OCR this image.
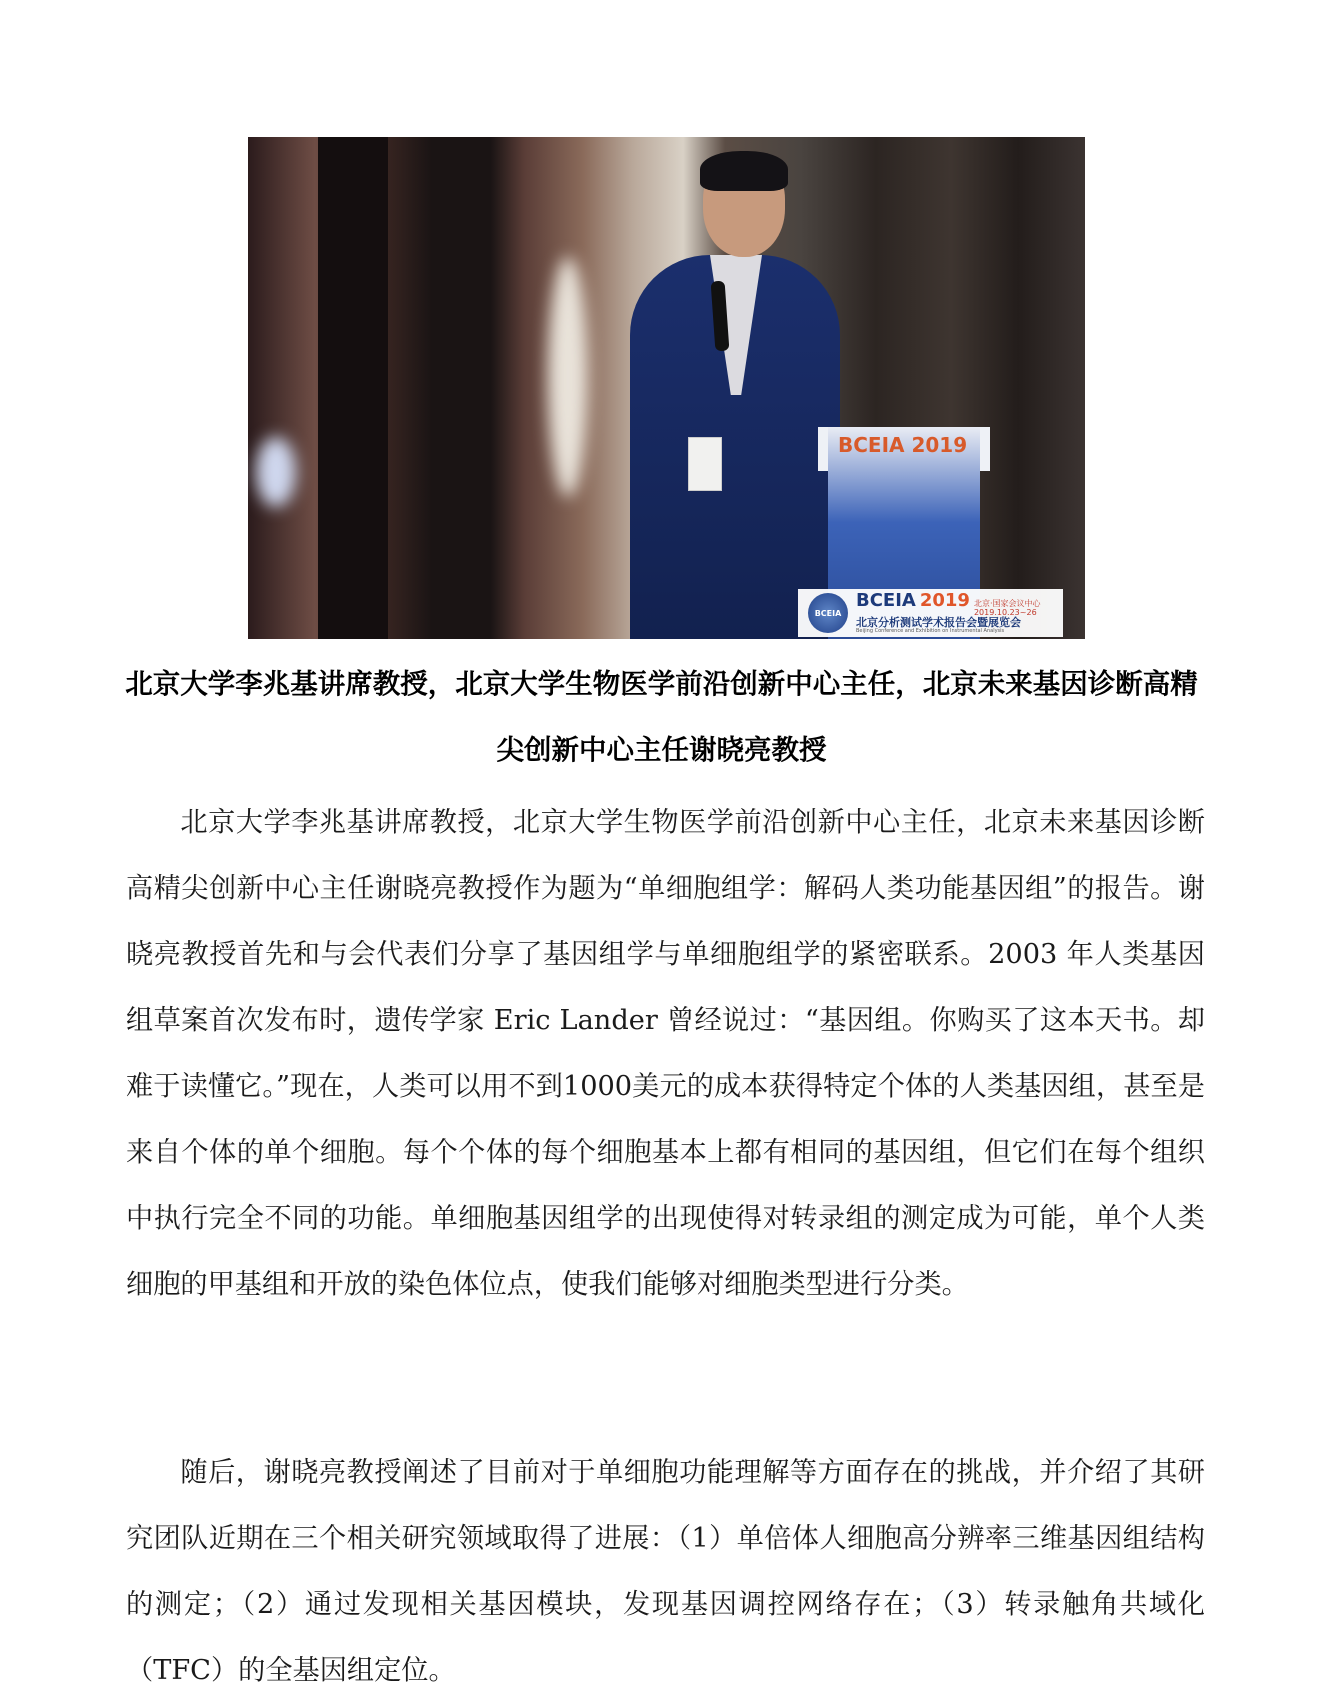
BCEIA 2019
BCEIA
BCEIA 2019 北京·国家会议中心
2019.10.23~26
北京分析测试学术报告会暨展览会
Beijing Conference and Exhibition on Instrumental Analysis

北京大学李兆基讲席教授，北京大学生物医学前沿创新中心主任，北京未来基因诊断高精尖创新中心主任谢晓亮教授

北京大学李兆基讲席教授，北京大学生物医学前沿创新中心主任，北京未来基因诊断高精尖创新中心主任谢晓亮教授作为题为“单细胞组学：解码人类功能基因组”的报告。谢晓亮教授首先和与会代表们分享了基因组学与单细胞组学的紧密联系。2003 年人类基因组草案首次发布时，遗传学家 Eric Lander 曾经说过：“基因组。你购买了这本天书。却难于读懂它。”现在，人类可以用不到1000美元的成本获得特定个体的人类基因组，甚至是来自个体的单个细胞。每个个体的每个细胞基本上都有相同的基因组，但它们在每个组织中执行完全不同的功能。单细胞基因组学的出现使得对转录组的测定成为可能，单个人类细胞的甲基组和开放的染色体位点，使我们能够对细胞类型进行分类。

随后，谢晓亮教授阐述了目前对于单细胞功能理解等方面存在的挑战，并介绍了其研究团队近期在三个相关研究领域取得了进展：（1）单倍体人细胞高分辨率三维基因组结构的测定；（2）通过发现相关基因模块，发现基因调控网络存在；（3）转录触角共域化（TFC）的全基因组定位。
